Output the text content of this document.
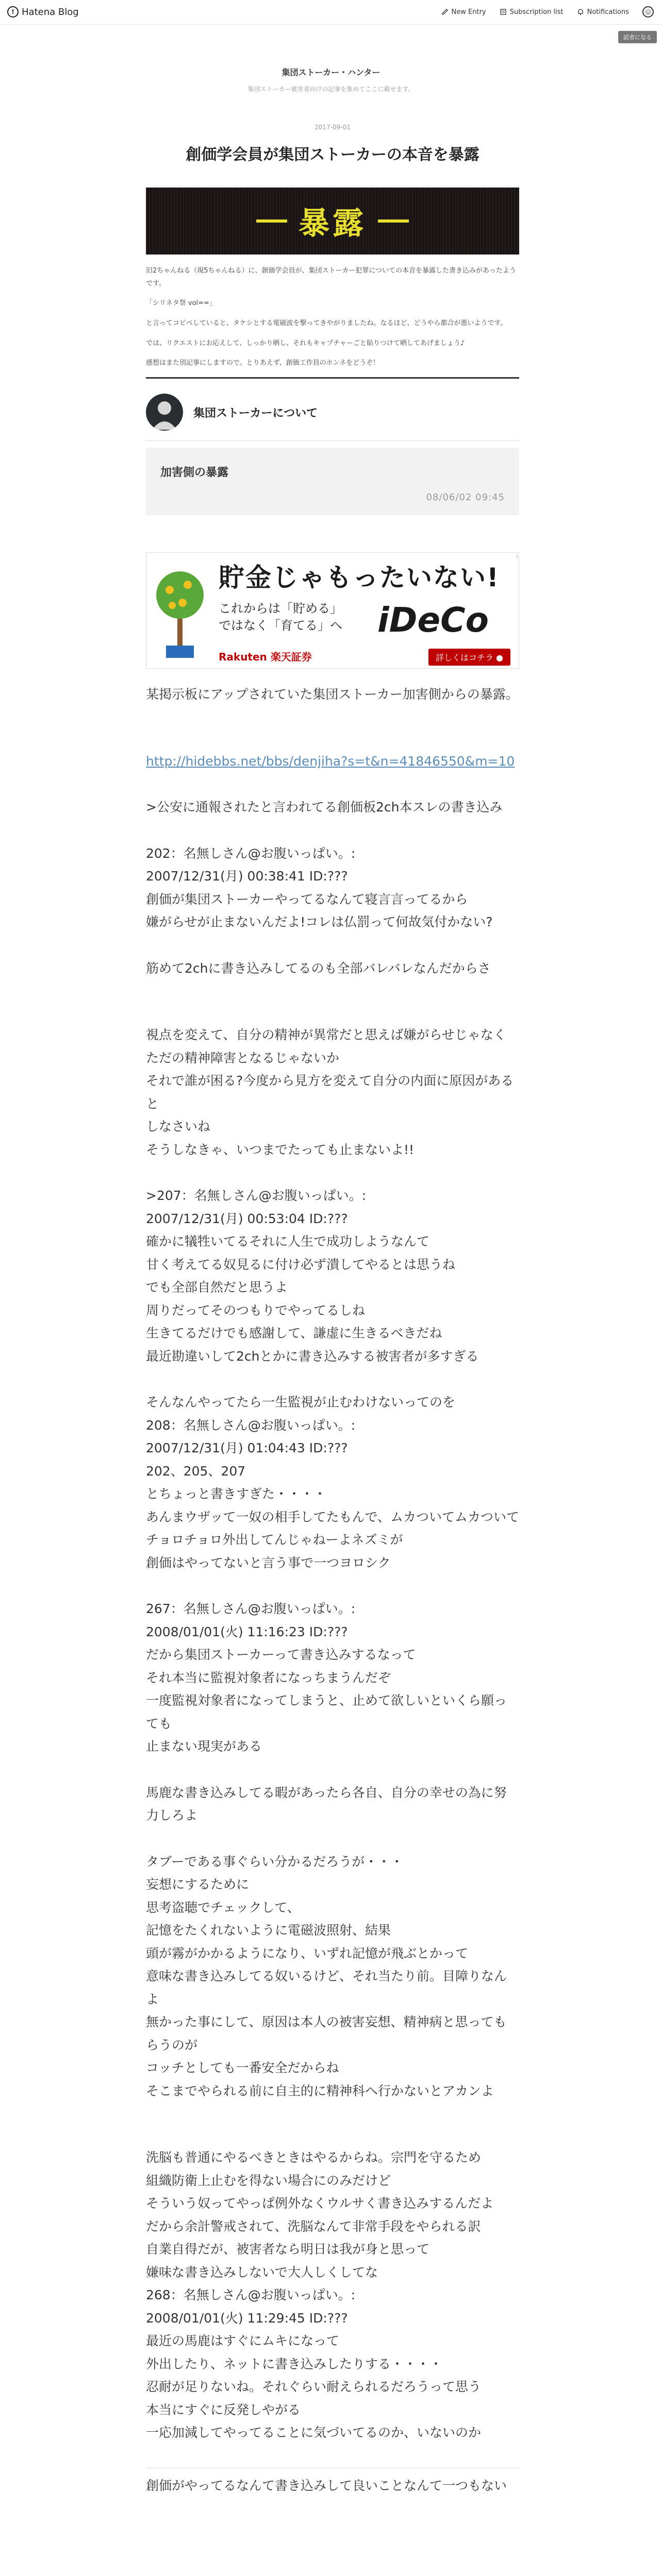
! Hatena Blog	New Entry	Subscription list	Notifications	☺
読者になる
集団ストーカー・ハンター
集団ストーカー被害者向けの記事を集めてここに載せます。
2017-09-01
創価学会員が集団ストーカーの本音を暴露
暴露

旧2ちゃんねる（現5ちゃんねる）に、創価学会員が、集団ストーカー犯罪についての本音を暴露した書き込みがあったようです。

「シリネタ祭 vol==」

と言ってコピペしていると、タケシとする電磁波を撃ってきやがりましたね。なるほど、どうやら都合が悪いようです。

では、リクエストにお応えして、しっかり晒し、それもキャプチャーごと貼りつけて晒してあげましょう♪

感想はまた別記事にしますので。とりあえず、創価工作員のホンネをどうぞ！

集団ストーカーについて
加害側の暴露
08/06/02 09:45
貯金じゃもったいない!
これからは「貯める」
ではなく「育てる」へ iDeCo
Rakuten 楽天証券	詳しくはコチラ ●
i
某掲示板にアップされていた集団ストーカー加害側からの暴露。
http://hidebbs.net/bbs/denjiha?s=t&n=41846550&m=10
>公安に通報されたと言われてる創価板2ch本スレの書き込み
202：名無しさん@お腹いっぱい。:
2007/12/31(月) 00:38:41 ID:???
創価が集団ストーカーやってるなんて寝言言ってるから
嫌がらせが止まないんだよ!コレは仏罰って何故気付かない?
筋めて2chに書き込みしてるのも全部バレバレなんだからさ
視点を変えて、自分の精神が異常だと思えば嫌がらせじゃなく
ただの精神障害となるじゃないか
それで誰が困る?今度から見方を変えて自分の内面に原因があると
しなさいね
そうしなきゃ、いつまでたっても止まないよ!!
>207：名無しさん@お腹いっぱい。:
2007/12/31(月) 00:53:04 ID:???
確かに犠牲いてるそれに人生で成功しようなんて
甘く考えてる奴見るに付け必ず潰してやるとは思うね
でも全部自然だと思うよ
周りだってそのつもりでやってるしね
生きてるだけでも感謝して、謙虚に生きるべきだね
最近勘違いして2chとかに書き込みする被害者が多すぎる
そんなんやってたら一生監視が止むわけないってのを
208：名無しさん@お腹いっぱい。:
2007/12/31(月) 01:04:43 ID:???
202、205、207
とちょっと書きすぎた・・・・
あんまウザッて一奴の相手してたもんで、ムカついてムカついて
チョロチョロ外出してんじゃねーよネズミが
創価はやってないと言う事で一つヨロシク
267：名無しさん@お腹いっぱい。:
2008/01/01(火) 11:16:23 ID:???
だから集団ストーカーって書き込みするなって
それ本当に監視対象者になっちまうんだぞ
一度監視対象者になってしまうと、止めて欲しいといくら願っても
止まない現実がある
馬鹿な書き込みしてる暇があったら各自、自分の幸せの為に努力しろよ
タブーである事ぐらい分かるだろうが・・・
妄想にするために
思考盗聴でチェックして、
記憶をたくれないように電磁波照射、結果
頭が霧がかかるようになり、いずれ記憶が飛ぶとかって
意味な書き込みしてる奴いるけど、それ当たり前。目障りなんよ
無かった事にして、原因は本人の被害妄想、精神病と思ってもらうのが
コッチとしても一番安全だからね
そこまでやられる前に自主的に精神科へ行かないとアカンよ
洗脳も普通にやるべきときはやるからね。宗門を守るため
組織防衛上止むを得ない場合にのみだけど
そういう奴ってやっぱ例外なくウルサく書き込みするんだよ
だから余計警戒されて、洗脳なんて非常手段をやられる訳
自業自得だが、被害者なら明日は我が身と思って
嫌味な書き込みしないで大人しくしてな
268：名無しさん@お腹いっぱい。:
2008/01/01(火) 11:29:45 ID:???
最近の馬鹿はすぐにムキになって
外出したり、ネットに書き込みしたりする・・・・
忍耐が足りないね。それぐらい耐えられるだろうって思う
本当にすぐに反発しやがる
一応加減してやってることに気づいてるのか、いないのか
創価がやってるなんて書き込みして良いことなんて一つもない
